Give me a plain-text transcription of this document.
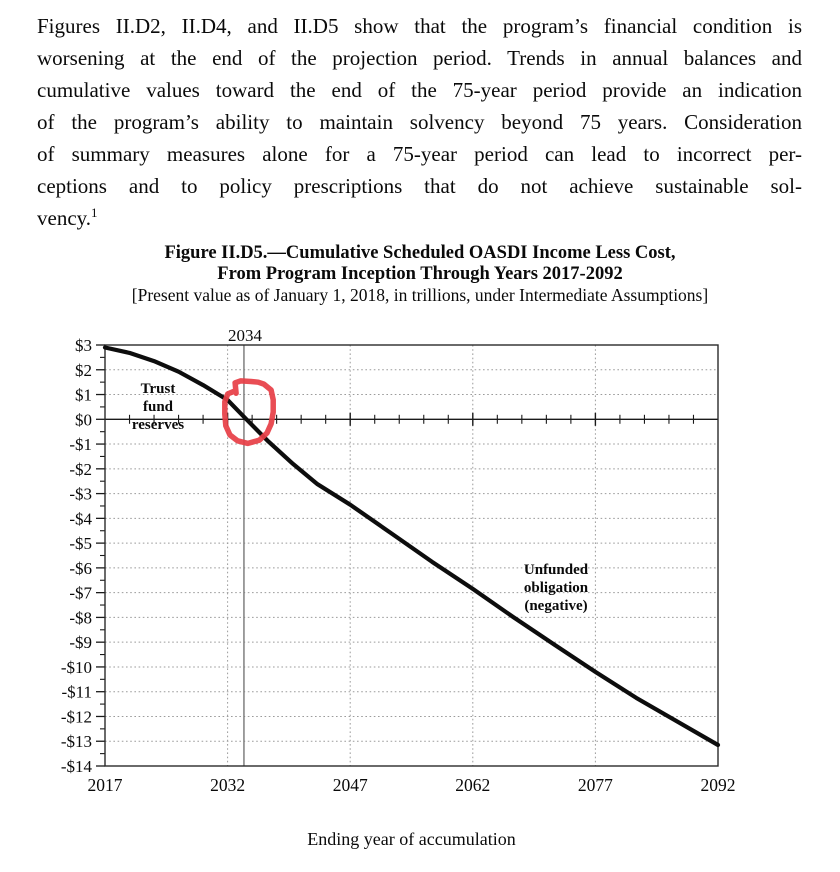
Figures II.D2, II.D4, and II.D5 show that the program’s financial condition is
worsening at the end of the projection period. Trends in annual balances and
cumulative values toward the end of the 75-year period provide an indication
of the program’s ability to maintain solvency beyond 75 years. Consideration
of summary measures alone for a 75-year period can lead to incorrect per-
ceptions and to policy prescriptions that do not achieve sustainable sol-
vency.$^1$
Figure II.D5.—Cumulative Scheduled OASDI Income Less Cost,
From Program Inception Through Years 2017-2092
[Present value as of January 1, 2018, in trillions, under Intermediate Assumptions]
2034
$3
$2
$1
$0
-$1
-$2
-$3
-$4
-$5
-$6
-$7
-$8
-$9
-$10
-$11
-$12
-$13
-$14
Trust
fund
reserves
Unfunded
obligation
(negative)
2017	2032	2047	2062	2077	2092
Ending year of accumulation
